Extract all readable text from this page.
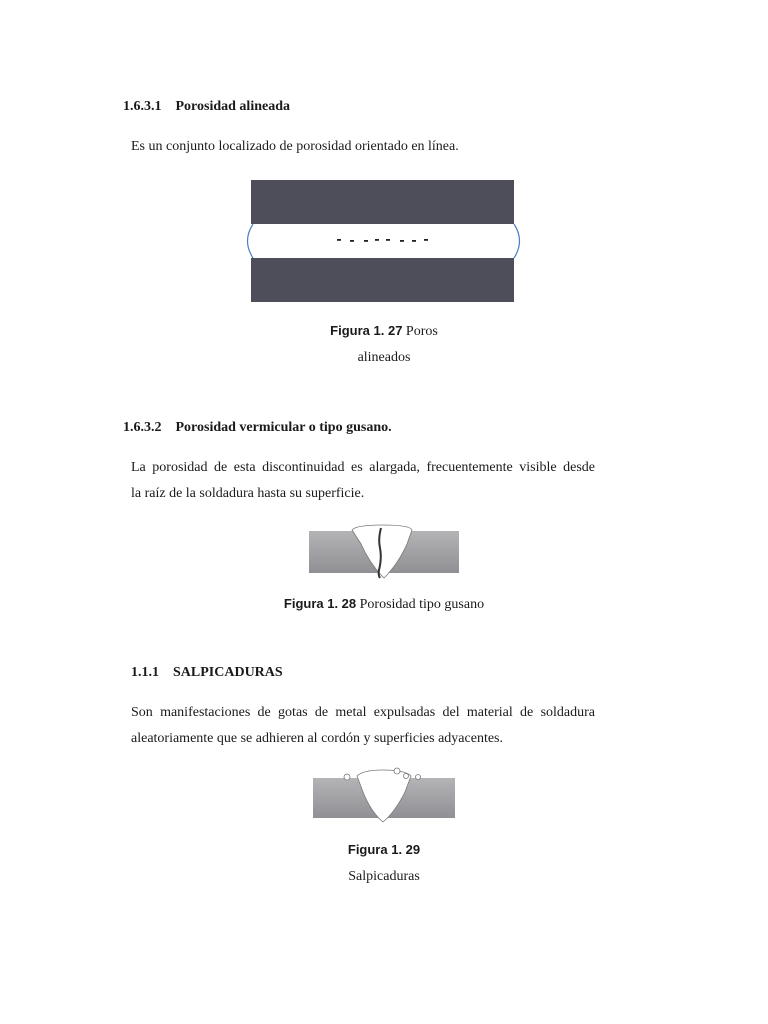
1.6.3.1 Porosidad alineada
Es un conjunto localizado de porosidad orientado en línea.
Figura 1. 27 Poros
alineados
1.6.3.2 Porosidad vermicular o tipo gusano.
La porosidad de esta discontinuidad es alargada, frecuentemente visible desde
la raíz de la soldadura hasta su superficie.
Figura 1. 28 Porosidad tipo gusano
1.1.1 SALPICADURAS
Son manifestaciones de gotas de metal expulsadas del material de soldadura
aleatoriamente que se adhieren al cordón y superficies adyacentes.
Figura 1. 29
Salpicaduras
